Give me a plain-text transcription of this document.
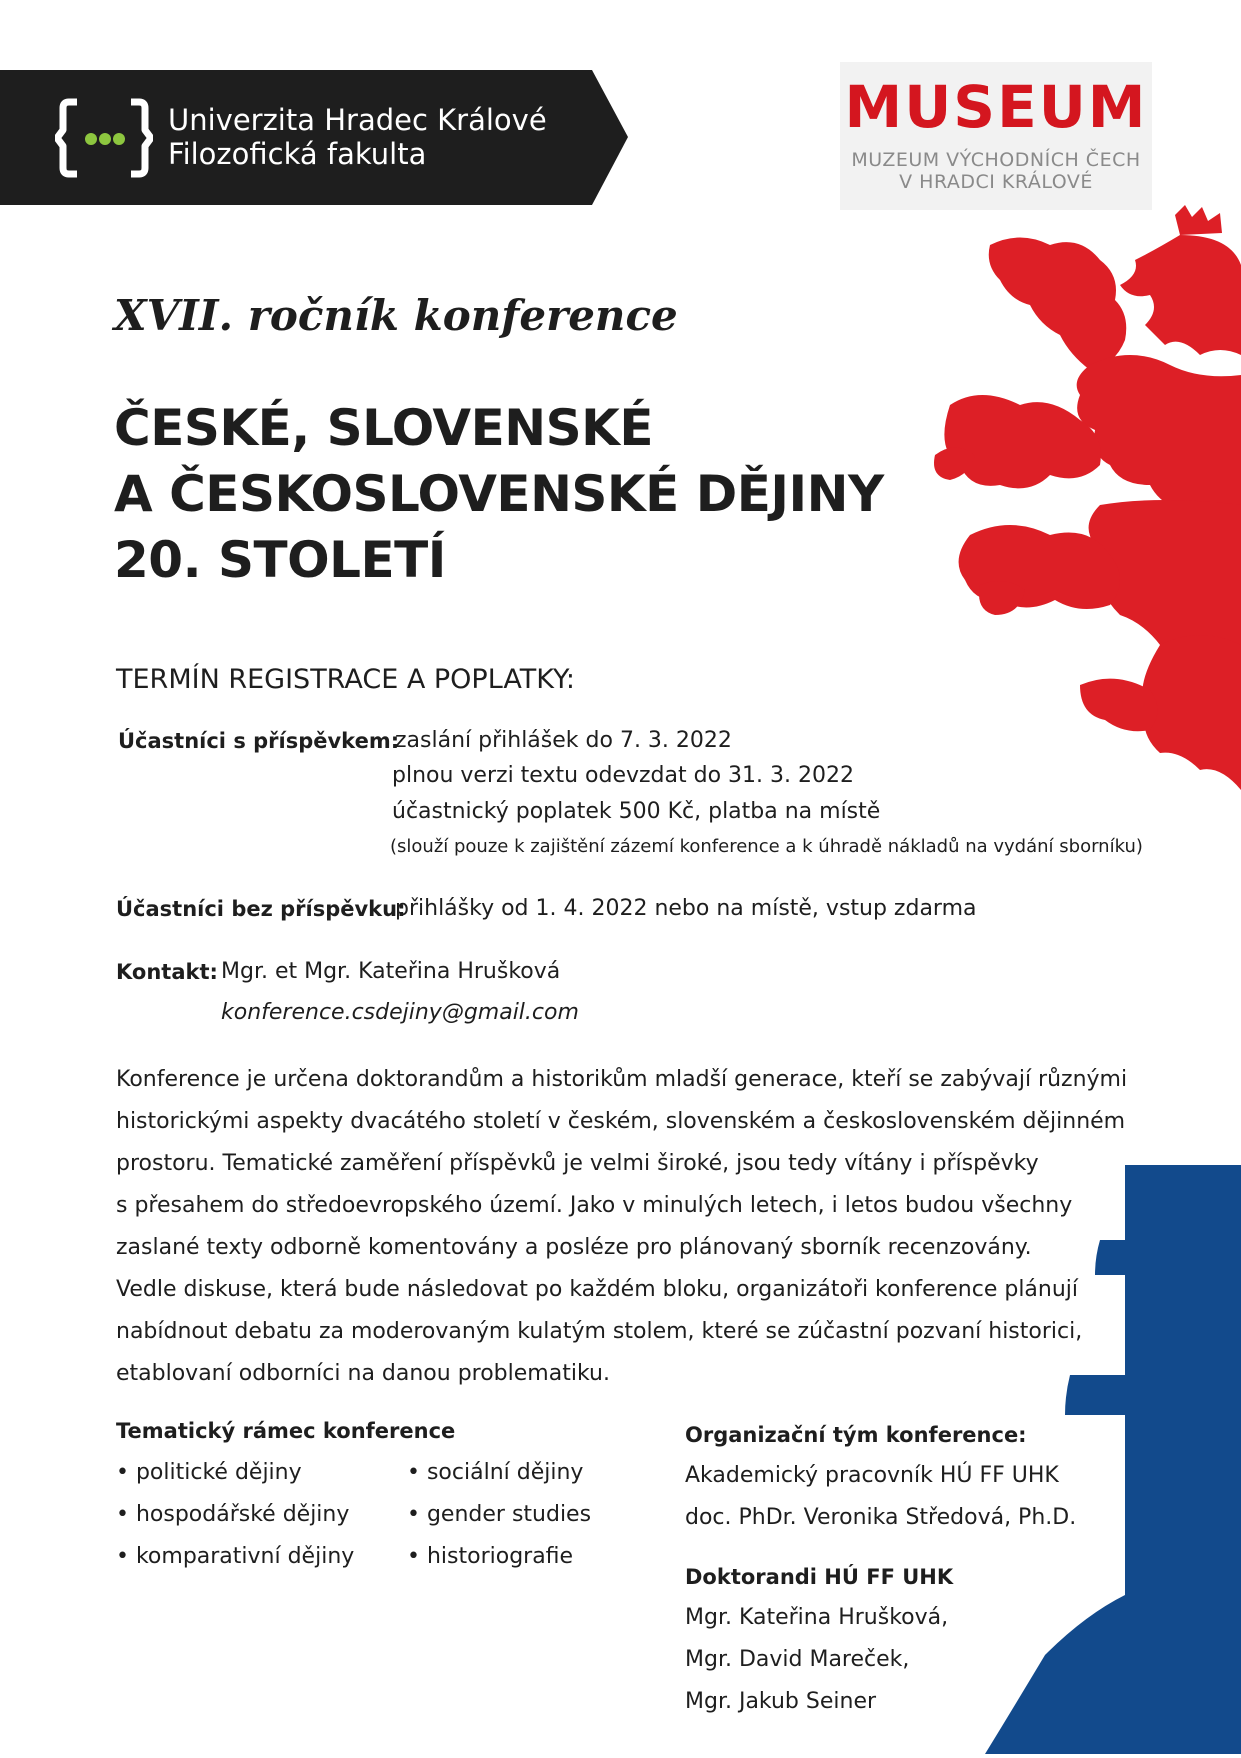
Univerzita Hradec Králové
Filozofická fakulta
MUSEUM
MUZEUM VÝCHODNÍCH ČECH
V HRADCI KRÁLOVÉ
XVII. ročník konference
ČESKÉ, SLOVENSKÉ
A ČESKOSLOVENSKÉ DĚJINY
20. STOLETÍ
TERMÍN REGISTRACE A POPLATKY:
Účastníci s příspěvkem:
zaslání přihlášek do 7. 3. 2022
plnou verzi textu odevzdat do 31. 3. 2022
účastnický poplatek 500 Kč, platba na místě
(slouží pouze k zajištění zázemí konference a k úhradě nákladů na vydání sborníku)
Účastníci bez příspěvku:
přihlášky od 1. 4. 2022 nebo na místě, vstup zdarma
Kontakt: Mgr. et Mgr. Kateřina Hrušková
konference.csdejiny@gmail.com
Konference je určena doktorandům a historikům mladší generace, kteří se zabývají různými
historickými aspekty dvacátého století v českém, slovenském a československém dějinném
prostoru. Tematické zaměření příspěvků je velmi široké, jsou tedy vítány i příspěvky
s přesahem do středoevropského území. Jako v minulých letech, i letos budou všechny
zaslané texty odborně komentovány a posléze pro plánovaný sborník recenzovány.
Vedle diskuse, která bude následovat po každém bloku, organizátoři konference plánují
nabídnout debatu za moderovaným kulatým stolem, které se zúčastní pozvaní historici,
etablovaní odborníci na danou problematiku.
Tematický rámec konference
• politické dějiny
• hospodářské dějiny
• komparativní dějiny
• sociální dějiny
• gender studies
• historiografie
Organizační tým konference:
Akademický pracovník HÚ FF UHK
doc. PhDr. Veronika Středová, Ph.D.
Doktorandi HÚ FF UHK
Mgr. Kateřina Hrušková,
Mgr. David Mareček,
Mgr. Jakub Seiner
